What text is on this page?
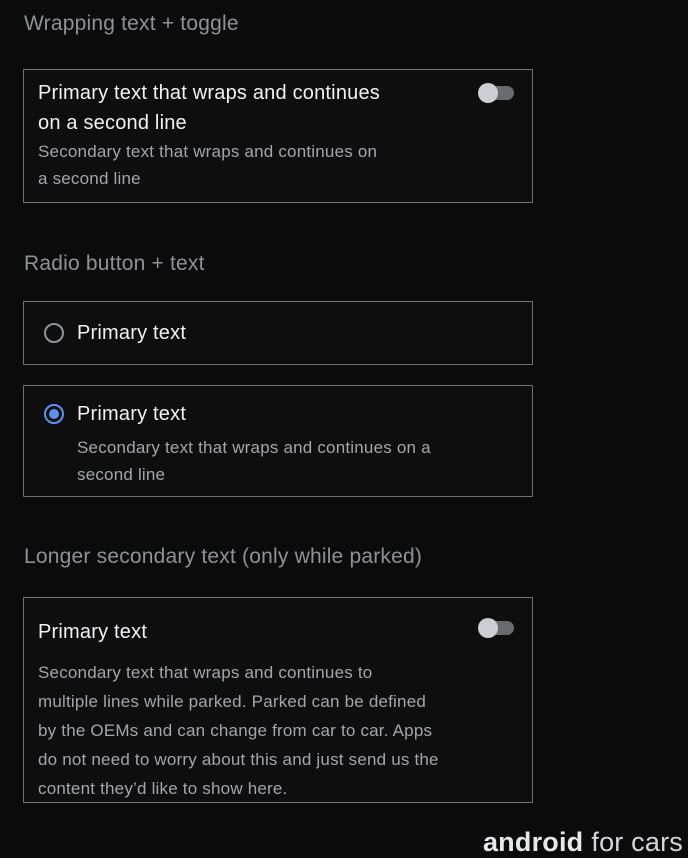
Wrapping text + toggle
Primary text that wraps and continues
on a second line
Secondary text that wraps and continues on
a second line
Radio button + text
Primary text
Primary text
Secondary text that wraps and continues on a
second line
Longer secondary text (only while parked)
Primary text
Secondary text that wraps and continues to
multiple lines while parked. Parked can be defined
by the OEMs and can change from car to car. Apps
do not need to worry about this and just send us the
content they’d like to show here.
android for cars
